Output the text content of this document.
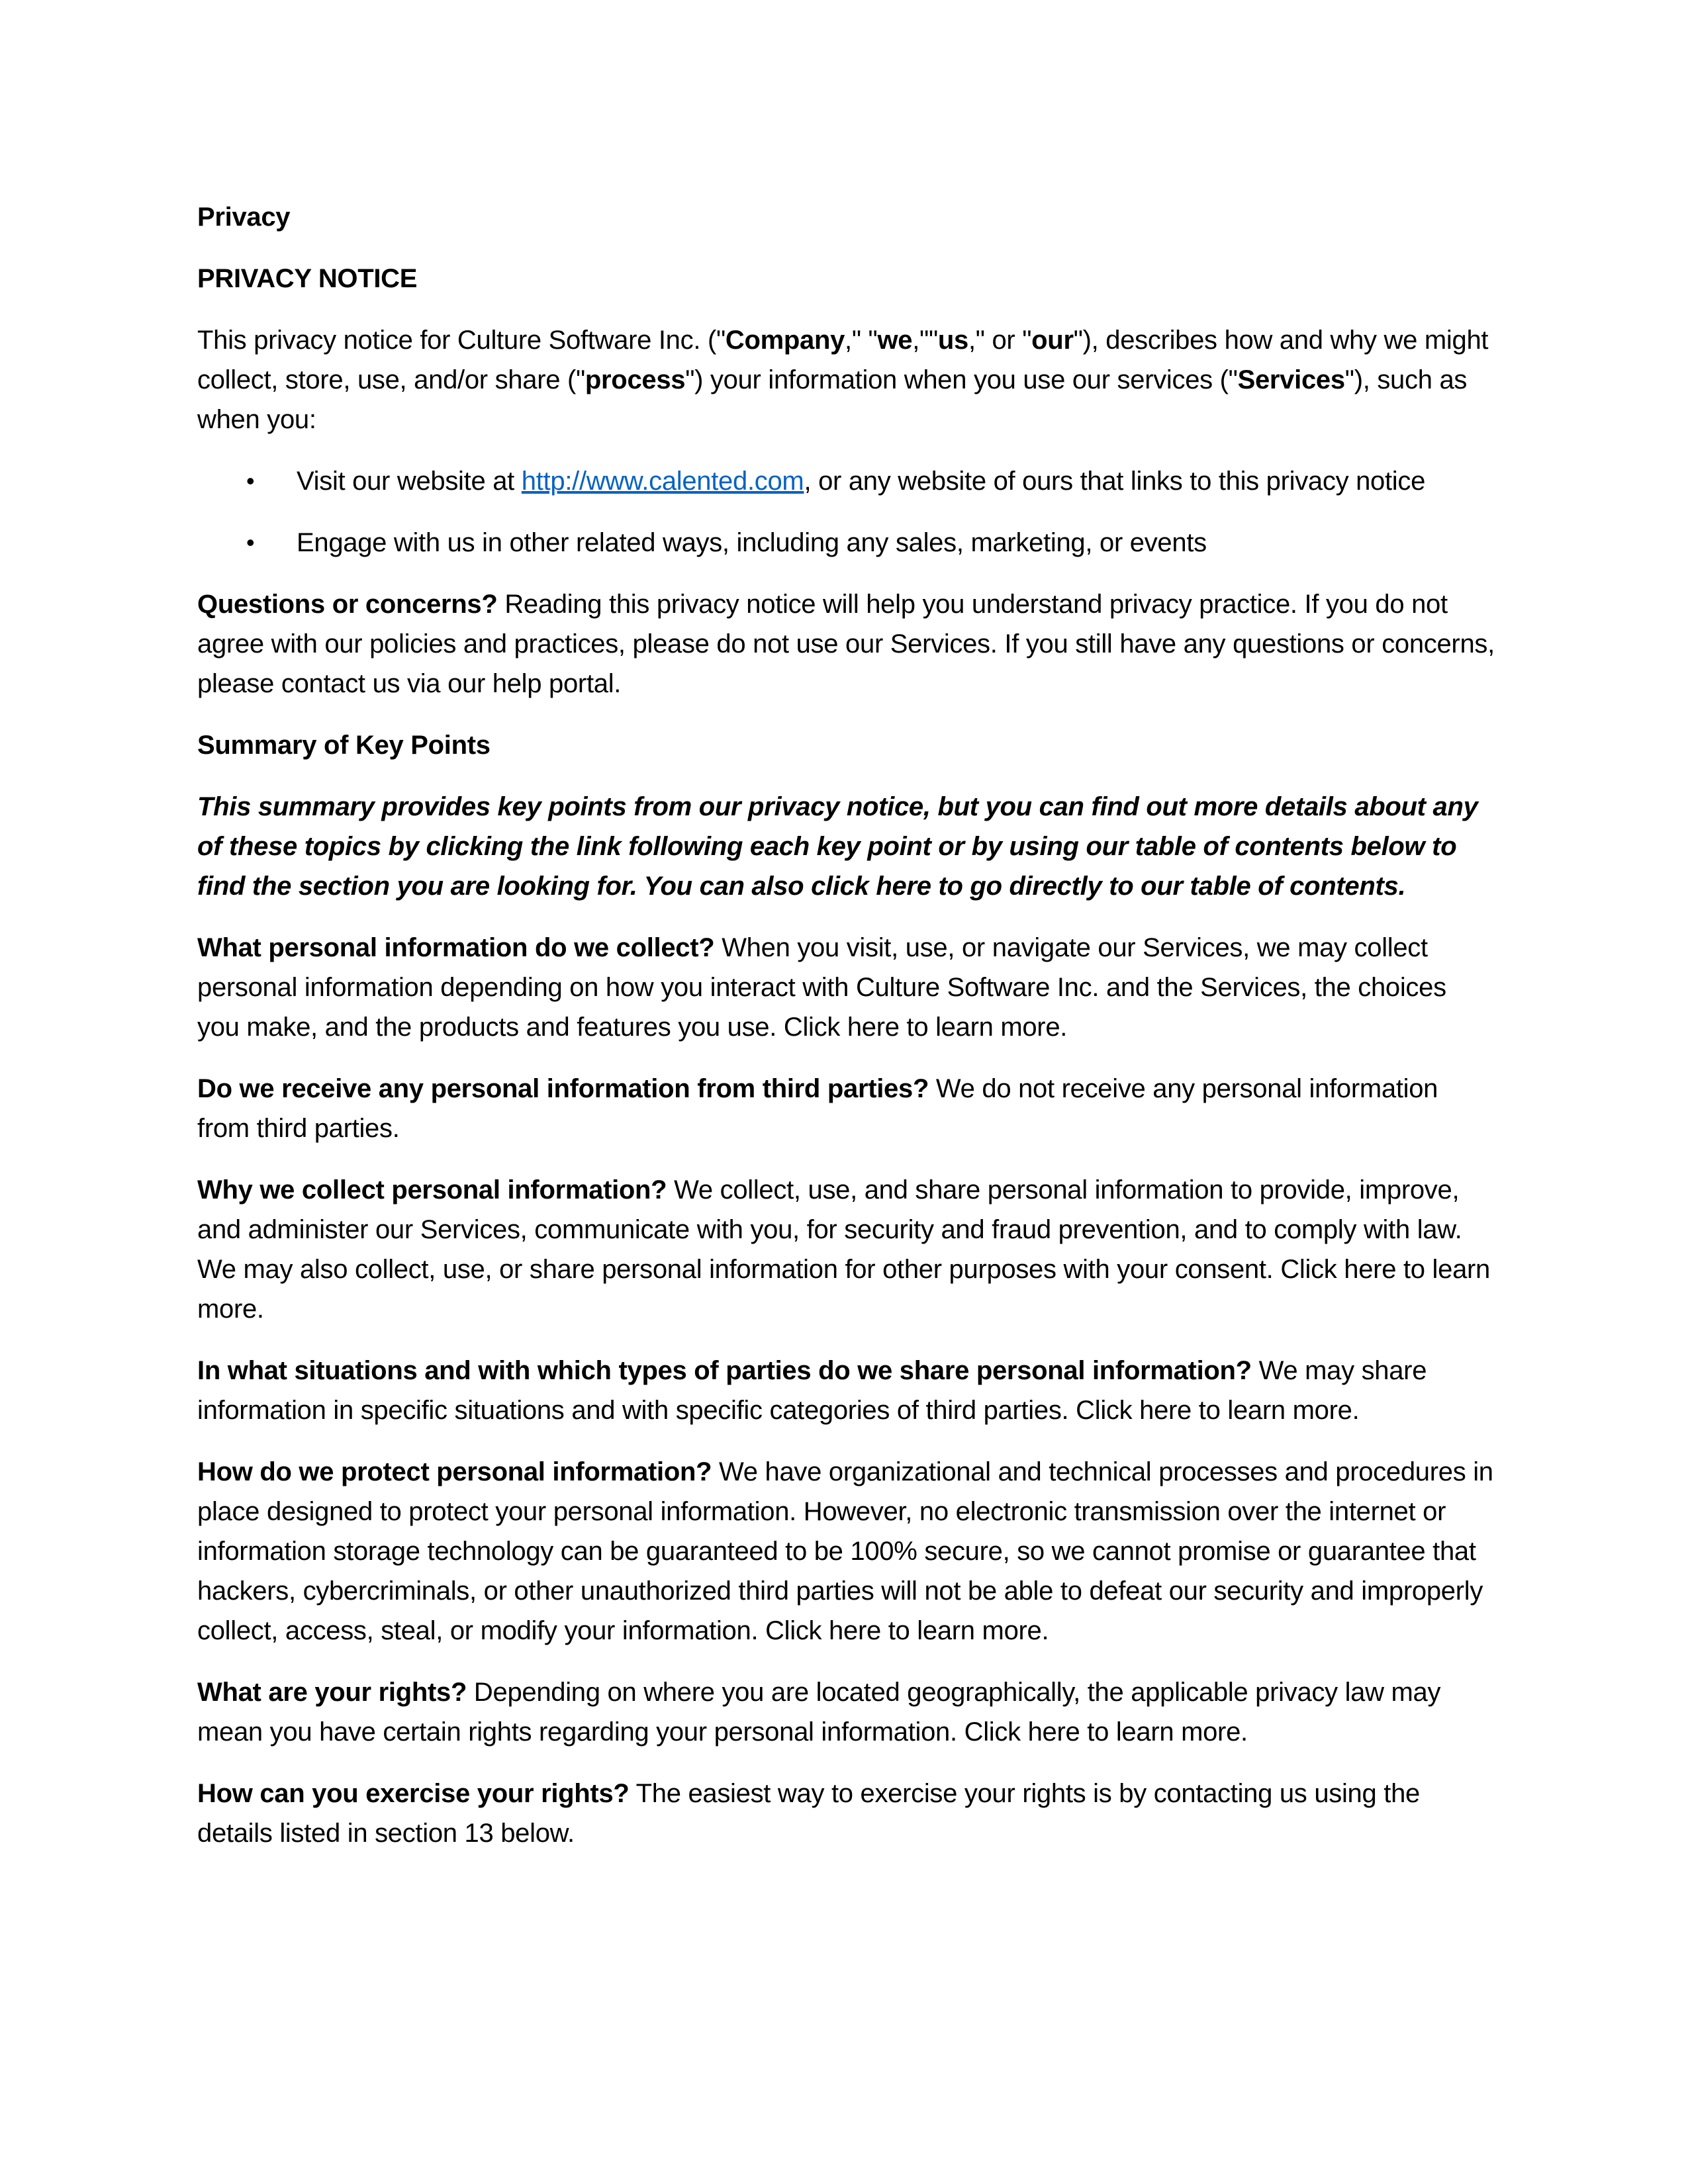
Privacy

PRIVACY NOTICE

This privacy notice for Culture Software Inc. ("Company," "we,""us," or "our"), describes how and why we might collect, store, use, and/or share ("process") your information when you use our services ("Services"), such as when you:

• Visit our website at http://www.calented.com, or any website of ours that links to this privacy notice
• Engage with us in other related ways, including any sales, marketing, or events

Questions or concerns? Reading this privacy notice will help you understand privacy practice. If you do not agree with our policies and practices, please do not use our Services. If you still have any questions or concerns, please contact us via our help portal.

Summary of Key Points

This summary provides key points from our privacy notice, but you can find out more details about any of these topics by clicking the link following each key point or by using our table of contents below to find the section you are looking for. You can also click here to go directly to our table of contents.

What personal information do we collect? When you visit, use, or navigate our Services, we may collect personal information depending on how you interact with Culture Software Inc. and the Services, the choices you make, and the products and features you use. Click here to learn more.

Do we receive any personal information from third parties? We do not receive any personal information from third parties.

Why we collect personal information? We collect, use, and share personal information to provide, improve, and administer our Services, communicate with you, for security and fraud prevention, and to comply with law. We may also collect, use, or share personal information for other purposes with your consent. Click here to learn more.

In what situations and with which types of parties do we share personal information? We may share information in specific situations and with specific categories of third parties. Click here to learn more.

How do we protect personal information? We have organizational and technical processes and procedures in place designed to protect your personal information. However, no electronic transmission over the internet or information storage technology can be guaranteed to be 100% secure, so we cannot promise or guarantee that hackers, cybercriminals, or other unauthorized third parties will not be able to defeat our security and improperly collect, access, steal, or modify your information. Click here to learn more.

What are your rights? Depending on where you are located geographically, the applicable privacy law may mean you have certain rights regarding your personal information. Click here to learn more.

How can you exercise your rights? The easiest way to exercise your rights is by contacting us using the details listed in section 13 below.
